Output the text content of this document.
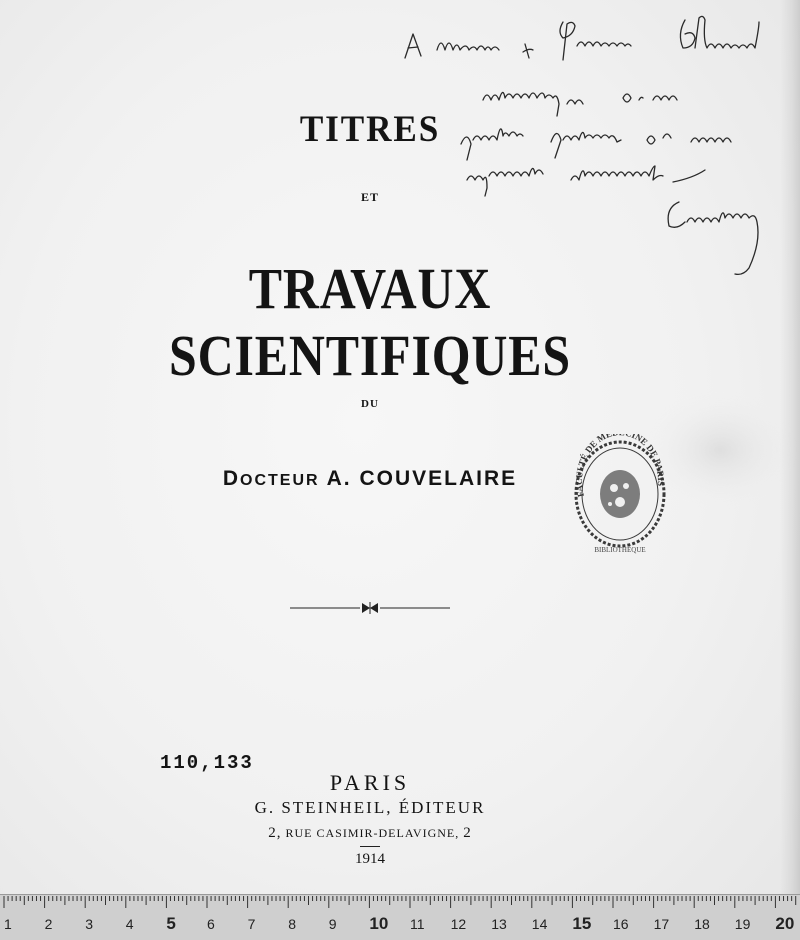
TITRES
ET
TRAVAUX SCIENTIFIQUES
DU
DOCTEUR A. COUVELAIRE
FACULTÉ DE MÉ INE DE PARIS
BIBLIOTHÈQUE
110,133
PARIS
G. STEINHEIL, ÉDITEUR
2, RUE CASIMIR-DELAVIGNE, 2
1914
1 2 3 4 5 6 7 8 9 10 11 12 13 14 15 16 17 18 19 20
